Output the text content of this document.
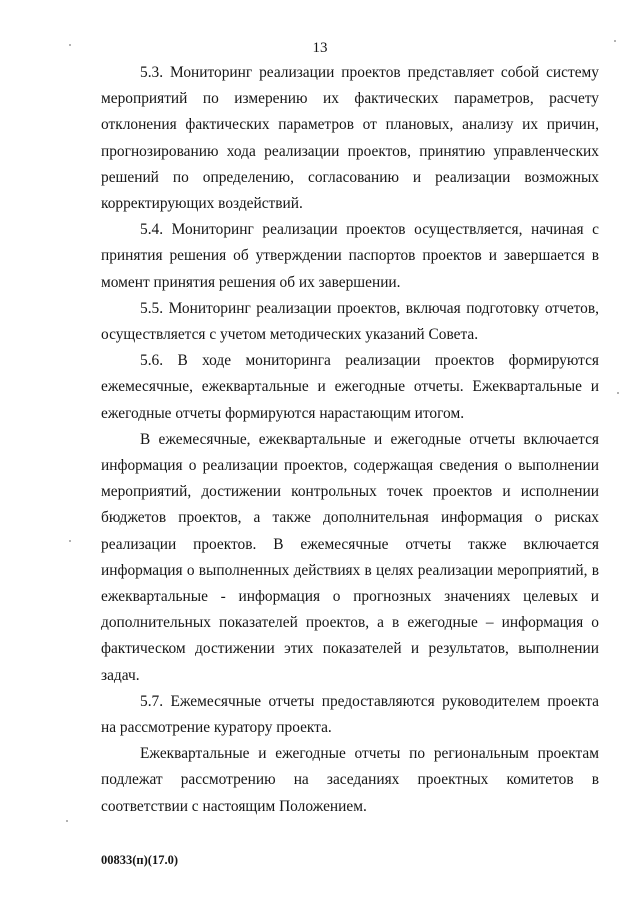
13

5.3. Мониторинг реализации проектов представляет собой систему мероприятий по измерению их фактических параметров, расчету отклонения фактических параметров от плановых, анализу их причин, прогнозированию хода реализации проектов, принятию управленческих решений по определению, согласованию и реализации возможных корректирующих воздействий.

5.4. Мониторинг реализации проектов осуществляется, начиная с принятия решения об утверждении паспортов проектов и завершается в момент принятия решения об их завершении.

5.5. Мониторинг реализации проектов, включая подготовку отчетов, осуществляется с учетом методических указаний Совета.

5.6. В ходе мониторинга реализации проектов формируются ежемесячные, ежеквартальные и ежегодные отчеты. Ежеквартальные и ежегодные отчеты формируются нарастающим итогом.

В ежемесячные, ежеквартальные и ежегодные отчеты включается информация о реализации проектов, содержащая сведения о выполнении мероприятий, достижении контрольных точек проектов и исполнении бюджетов проектов, а также дополнительная информация о рисках реализации проектов. В ежемесячные отчеты также включается информация о выполненных действиях в целях реализации мероприятий, в ежеквартальные - информация о прогнозных значениях целевых и дополнительных показателей проектов, а в ежегодные – информация о фактическом достижении этих показателей и результатов, выполнении задач.

5.7. Ежемесячные отчеты предоставляются руководителем проекта на рассмотрение куратору проекта.

Ежеквартальные и ежегодные отчеты по региональным проектам подлежат рассмотрению на заседаниях проектных комитетов в соответствии с настоящим Положением.

00833(п)(17.0)
